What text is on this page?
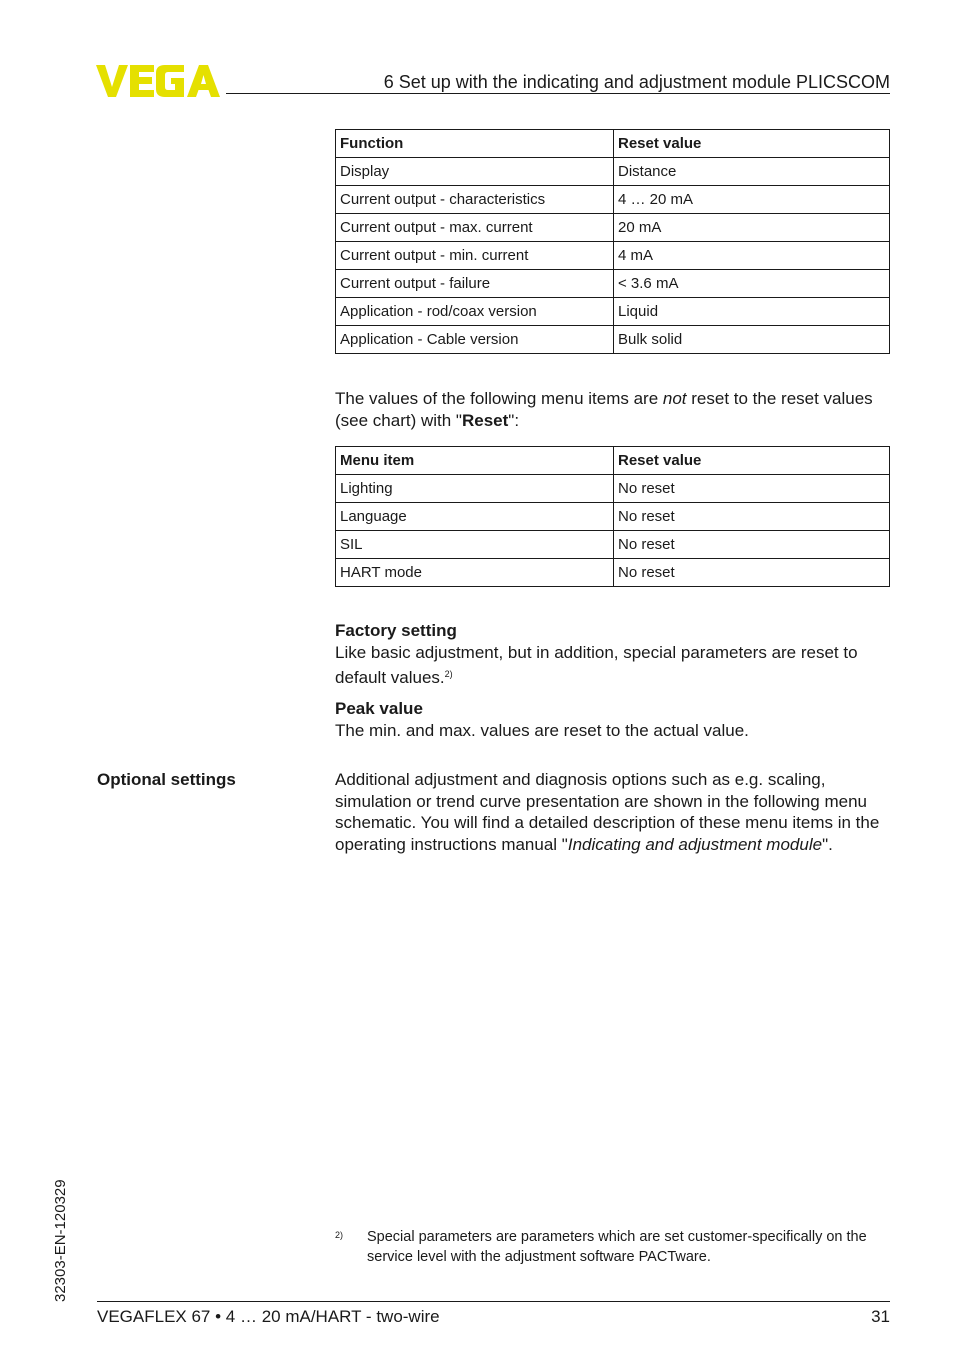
6 Set up with the indicating and adjustment module PLICSCOM
Function	Reset value
Display	Distance
Current output - characteristics	4 … 20 mA
Current output - max. current	20 mA
Current output - min. current	4 mA
Current output - failure	< 3.6 mA
Application - rod/coax version	Liquid
Application - Cable version	Bulk solid

The values of the following menu items are not reset to the reset values (see chart) with "Reset":

Menu item	Reset value
Lighting	No reset
Language	No reset
SIL	No reset
HART mode	No reset
Factory setting

Like basic adjustment, but in addition, special parameters are reset to default values.$^{2)}$

Peak value

The min. and max. values are reset to the actual value.

Optional settings	Additional adjustment and diagnosis options such as e.g. scaling, simulation or trend curve presentation are shown in the following menu schematic. You will find a detailed description of these menu items in the operating instructions manual "Indicating and adjustment module".

2) Special parameters are parameters which are set customer-specifically on the service level with the adjustment software PACTware.
32303-EN-120329
VEGAFLEX 67 • 4 … 20 mA/HART - two-wire	31
